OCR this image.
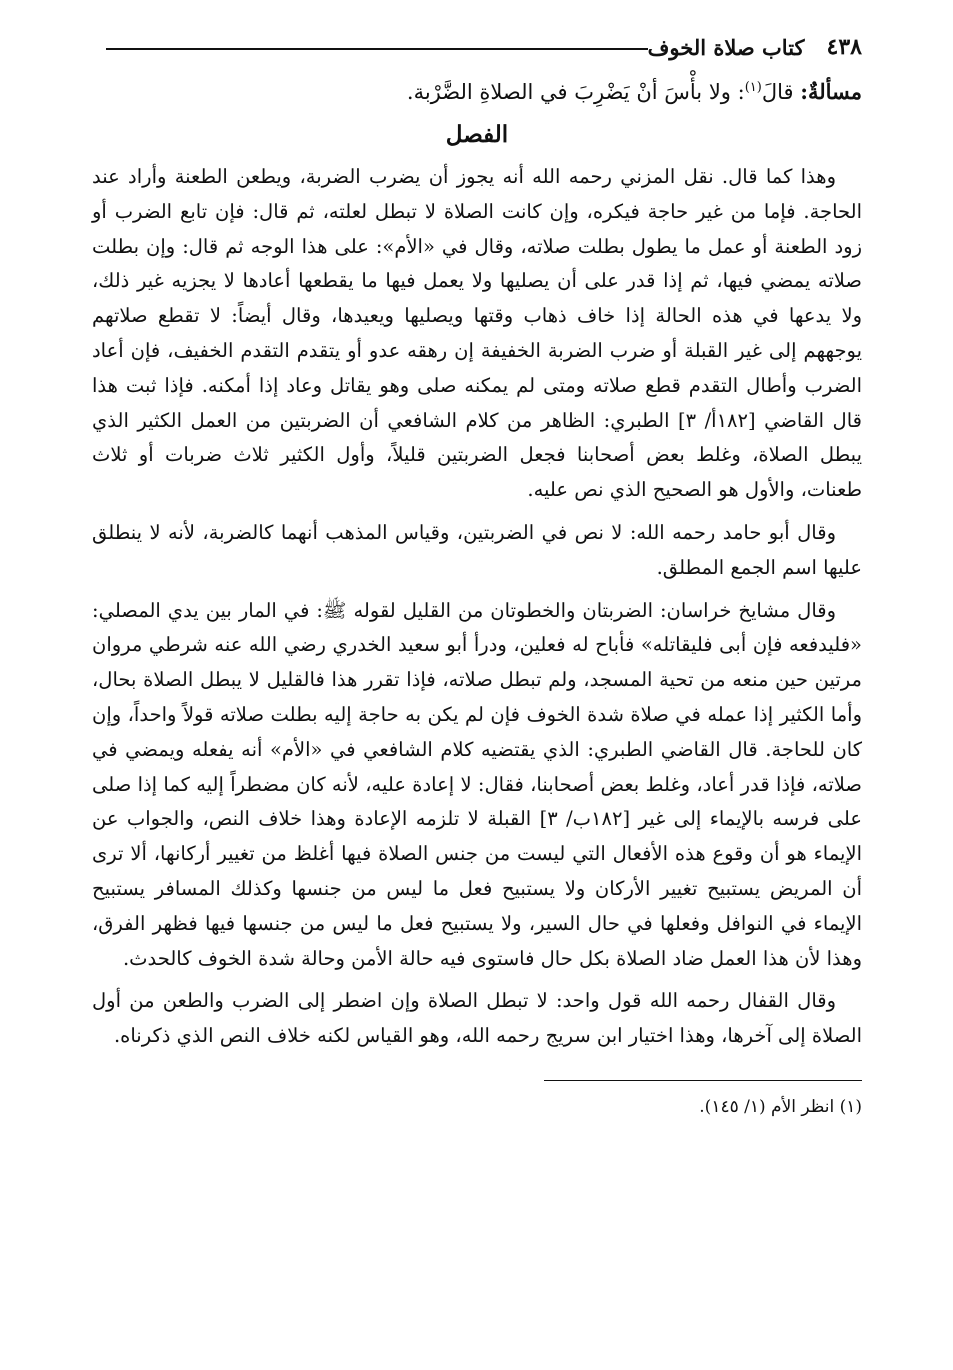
٤٣٨
كتاب صلاة الخوف
مسألةٌ: قالَ$^{(١)}$: ولا بأْسَ أنْ يَضْرِبَ في الصلاةِ الضَّرْبة.
الفصل

وهذا كما قال. نقل المزني رحمه الله أنه يجوز أن يضرب الضربة، ويطعن الطعنة وأراد عند الحاجة. فإما من غير حاجة فيكره، وإن كانت الصلاة لا تبطل لعلته، ثم قال: فإن تابع الضرب أو زود الطعنة أو عمل ما يطول بطلت صلاته، وقال في «الأم»: على هذا الوجه ثم قال: وإن بطلت صلاته يمضي فيها، ثم إذا قدر على أن يصليها ولا يعمل فيها ما يقطعها أعادها لا يجزيه غير ذلك، ولا يدعها في هذه الحالة إذا خاف ذهاب وقتها ويصليها ويعيدها، وقال أيضاً: لا تقطع صلاتهم يوجههم إلى غير القبلة أو ضرب الضربة الخفيفة إن رهقه عدو أو يتقدم التقدم الخفيف، فإن أعاد الضرب وأطال التقدم قطع صلاته ومتى لم يمكنه صلى وهو يقاتل وعاد إذا أمكنه. فإذا ثبت هذا قال القاضي [١٨٢أ/ ٣] الطبري: الظاهر من كلام الشافعي أن الضربتين من العمل الكثير الذي يبطل الصلاة، وغلط بعض أصحابنا فجعل الضربتين قليلاً، وأول الكثير ثلاث ضربات أو ثلاث طعنات، والأول هو الصحيح الذي نص عليه.

وقال أبو حامد رحمه الله: لا نص في الضربتين، وقياس المذهب أنهما كالضربة، لأنه لا ينطلق عليها اسم الجمع المطلق.

وقال مشايخ خراسان: الضربتان والخطوتان من القليل لقوله ﷺ: في المار بين يدي المصلي: «فليدفعه فإن أبى فليقاتله» فأباح له فعلين، ودرأ أبو سعيد الخدري رضي الله عنه شرطي مروان مرتين حين منعه من تحية المسجد، ولم تبطل صلاته، فإذا تقرر هذا فالقليل لا يبطل الصلاة بحال، وأما الكثير إذا عمله في صلاة شدة الخوف فإن لم يكن به حاجة إليه بطلت صلاته قولاً واحداً، وإن كان للحاجة. قال القاضي الطبري: الذي يقتضيه كلام الشافعي في «الأم» أنه يفعله ويمضي في صلاته، فإذا قدر أعاد، وغلط بعض أصحابنا، فقال: لا إعادة عليه، لأنه كان مضطراً إليه كما إذا صلى على فرسه بالإيماء إلى غير [١٨٢ب/ ٣] القبلة لا تلزمه الإعادة وهذا خلاف النص، والجواب عن الإيماء هو أن وقوع هذه الأفعال التي ليست من جنس الصلاة فيها أغلظ من تغيير أركانها، ألا ترى أن المريض يستبيح تغيير الأركان ولا يستبيح فعل ما ليس من جنسها وكذلك المسافر يستبيح الإيماء في النوافل وفعلها في حال السير، ولا يستبيح فعل ما ليس من جنسها فيها فظهر الفرق، وهذا لأن هذا العمل ضاد الصلاة بكل حال فاستوى فيه حالة الأمن وحالة شدة الخوف كالحدث.

وقال القفال رحمه الله قول واحد: لا تبطل الصلاة وإن اضطر إلى الضرب والطعن من أول الصلاة إلى آخرها، وهذا اختيار ابن سريج رحمه الله، وهو القياس لكنه خلاف النص الذي ذكرناه.

(١) انظر الأم (١/ ١٤٥).
